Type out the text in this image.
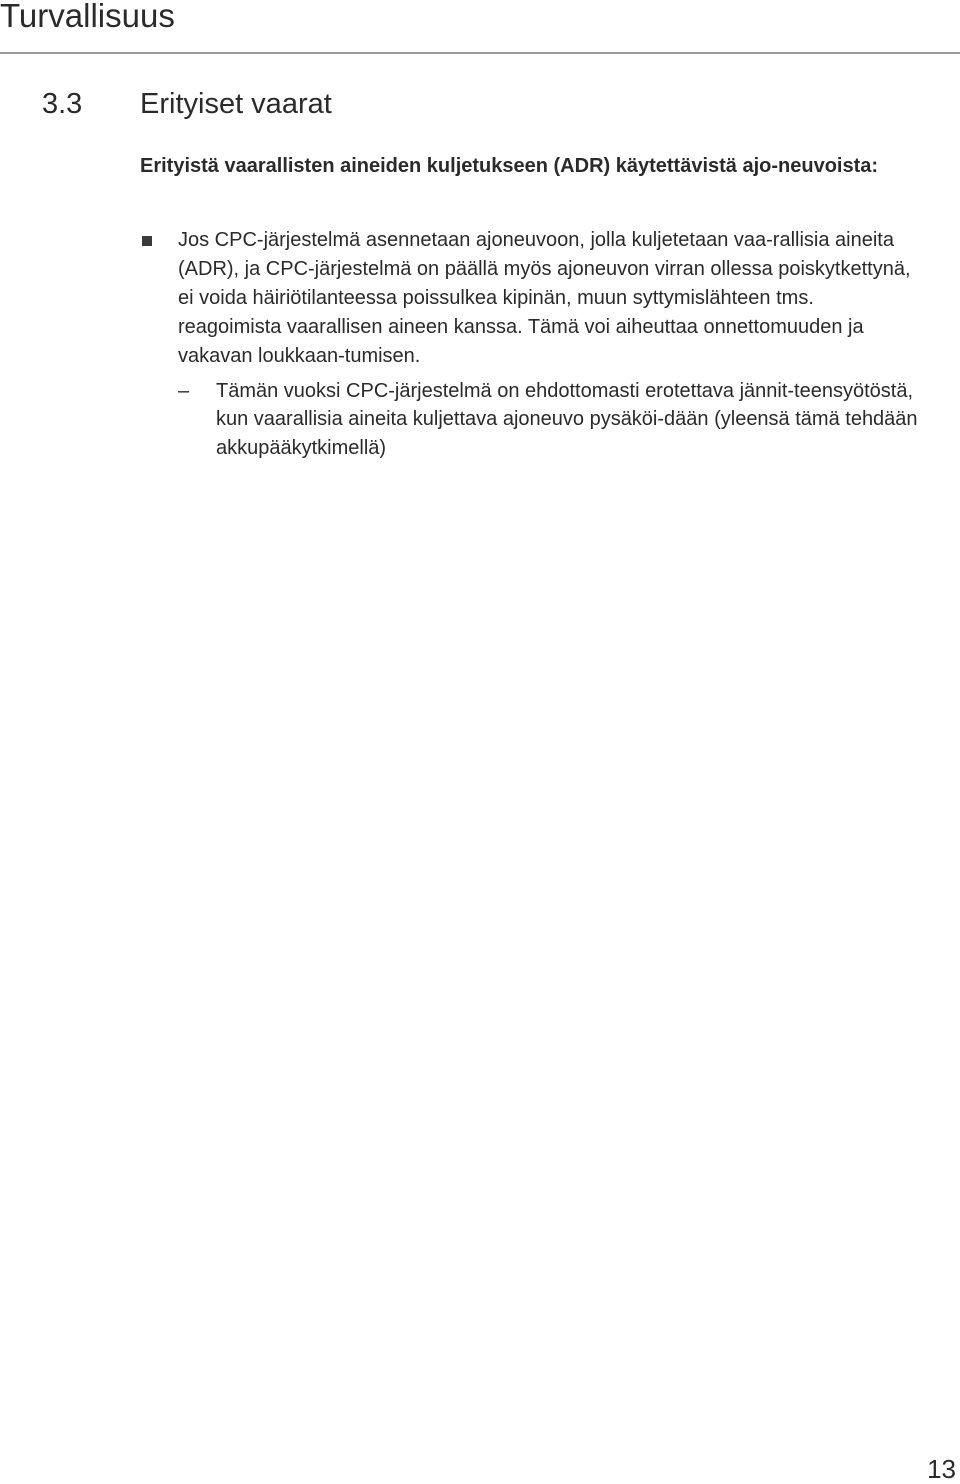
Turvallisuus
3.3 Erityiset vaarat

Erityistä vaarallisten aineiden kuljetukseen (ADR) käytettävistä ajo-neuvoista:

Jos CPC-järjestelmä asennetaan ajoneuvoon, jolla kuljetetaan vaa-rallisia aineita (ADR), ja CPC-järjestelmä on päällä myös ajoneuvon virran ollessa poiskytkettynä, ei voida häiriötilanteessa poissulkea kipinän, muun syttymislähteen tms. reagoimista vaarallisen aineen kanssa. Tämä voi aiheuttaa onnettomuuden ja vakavan loukkaan-tumisen.
– Tämän vuoksi CPC-järjestelmä on ehdottomasti erotettava jännit-teensyötöstä, kun vaarallisia aineita kuljettava ajoneuvo pysäköi-dään (yleensä tämä tehdään akkupääkytkimellä)
13
